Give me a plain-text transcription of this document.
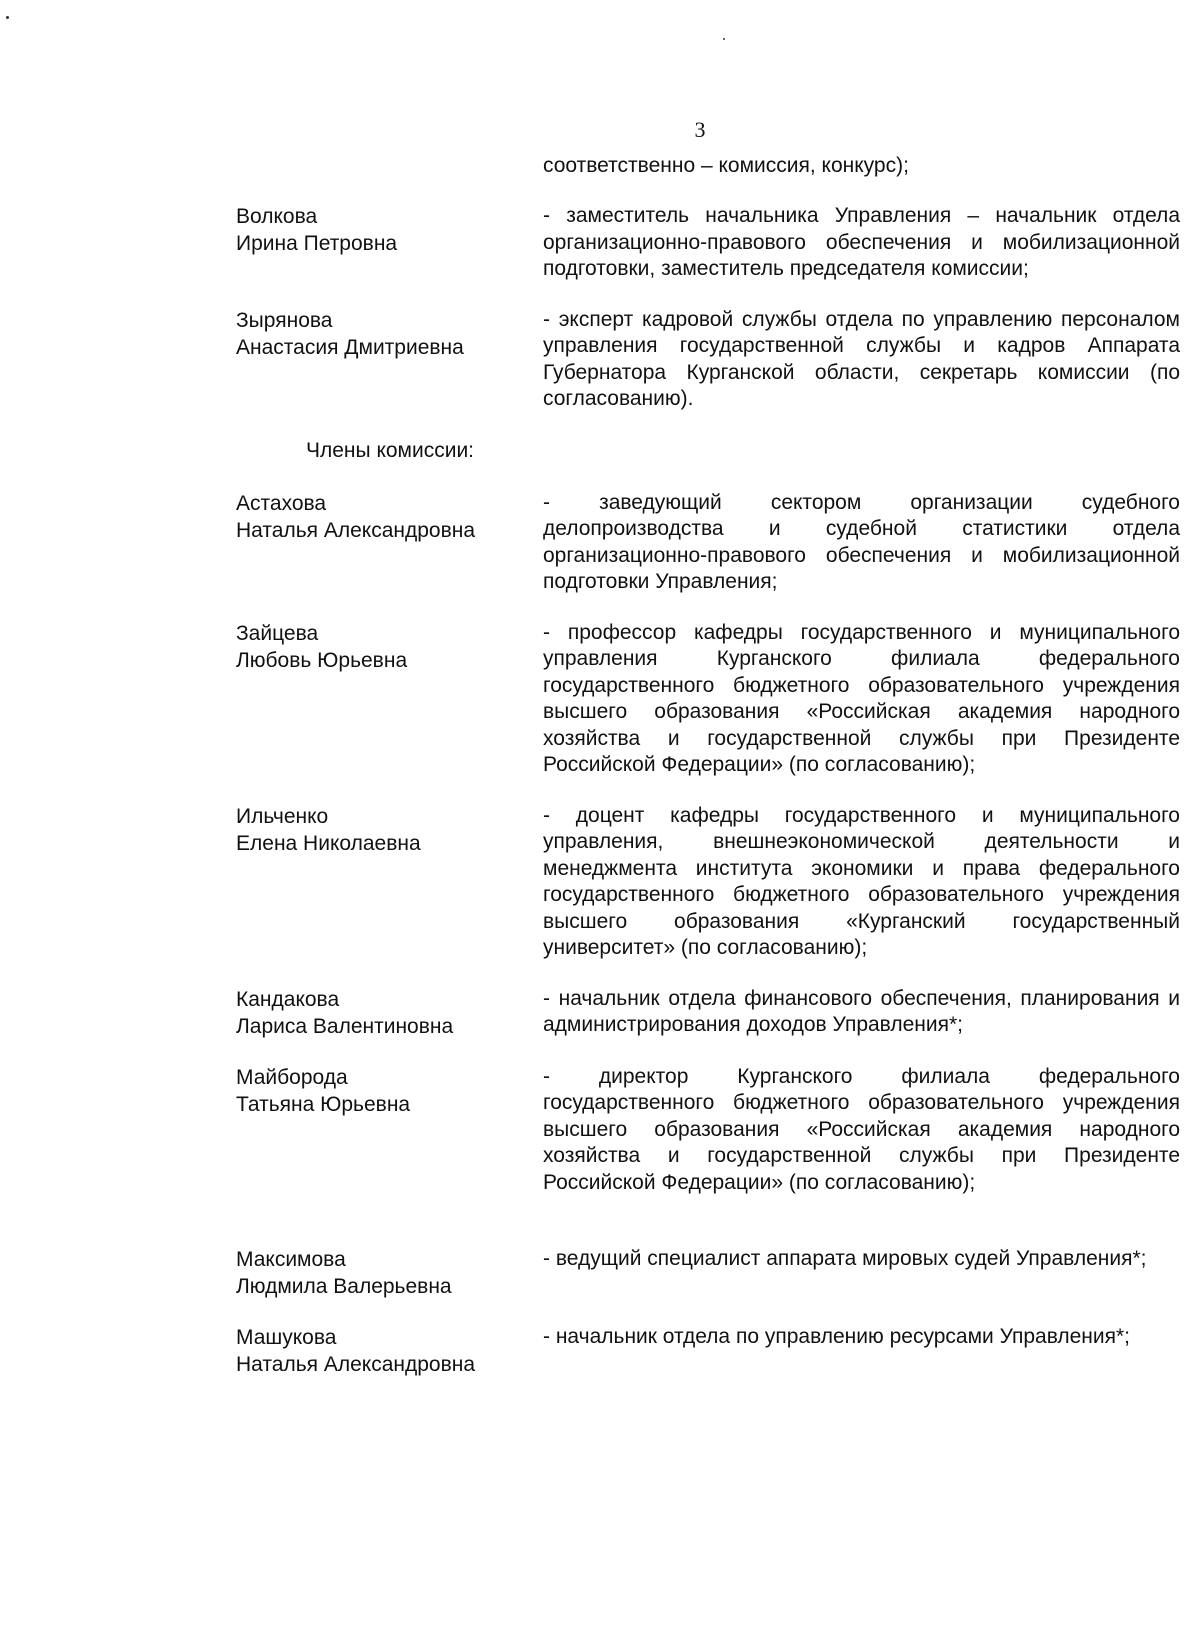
3
соответственно – комиссия, конкурс);
Волкова
Ирина Петровна
- заместитель начальника Управления – начальник отдела организационно-правового обеспечения и мобилизационной подготовки, заместитель председателя комиссии;
Зырянова
Анастасия Дмитриевна
- эксперт кадровой службы отдела по управлению персоналом управления государственной службы и кадров Аппарата Губернатора Курганской области, секретарь комиссии (по согласованию).
Члены комиссии:
Астахова
Наталья Александровна
- заведующий сектором организации судебного делопроизводства и судебной статистики отдела организационно-правового обеспечения и мобилизационной подготовки Управления;
Зайцева
Любовь Юрьевна
- профессор кафедры государственного и муниципального управления Курганского филиала федерального государственного бюджетного образовательного учреждения высшего образования «Российская академия народного хозяйства и государственной службы при Президенте Российской Федерации» (по согласованию);
Ильченко
Елена Николаевна
- доцент кафедры государственного и муниципального управления, внешнеэкономической деятельности и менеджмента института экономики и права федерального государственного бюджетного образовательного учреждения высшего образования «Курганский государственный университет» (по согласованию);
Кандакова
Лариса Валентиновна
- начальник отдела финансового обеспечения, планирования и администрирования доходов Управления*;
Майборода
Татьяна Юрьевна
- директор Курганского филиала федерального государственного бюджетного образовательного учреждения высшего образования «Российская академия народного хозяйства и государственной службы при Президенте Российской Федерации» (по согласованию);
Максимова
Людмила Валерьевна
- ведущий специалист аппарата мировых судей Управления*;
Машукова
Наталья Александровна
- начальник отдела по управлению ресурсами Управления*;
